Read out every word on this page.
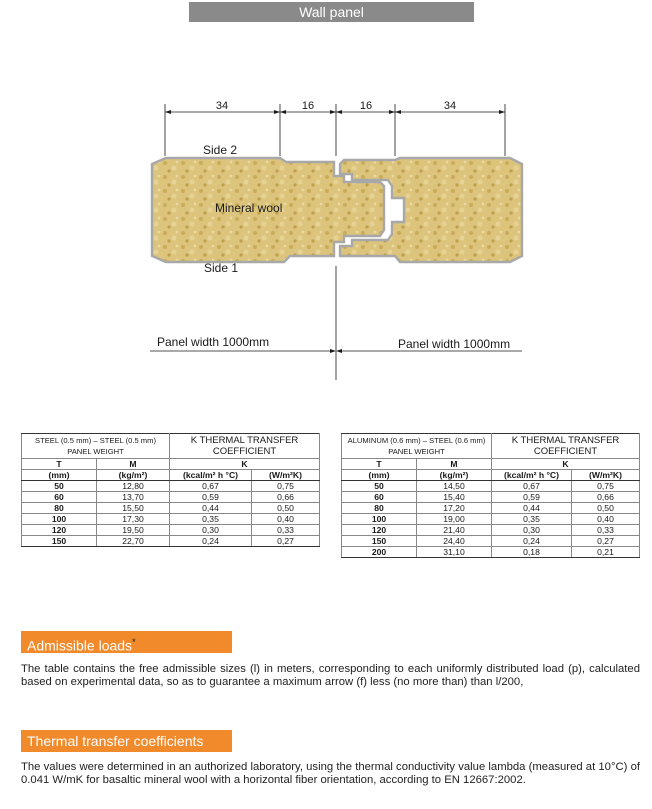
Wall panel
34	16	16	34
Side 2
Mineral wool
Side 1
Panel width 1000mm	Panel width 1000mm
STEEL (0.5 mm) – STEEL (0.5 mm) PANEL WEIGHT		K THERMAL TRANSFER COEFFICIENT	
T	M	K	
(mm)	(kg/m²)	(kcal/m² h °C)	(W/m²K)
50	12,80	0,67	0,75
60	13,70	0,59	0,66
80	15,50	0,44	0,50
100	17,30	0,35	0,40
120	19,50	0,30	0,33
150	22,70	0,24	0,27
ALUMINUM (0.6 mm) – STEEL (0.6 mm) PANEL WEIGHT		K THERMAL TRANSFER COEFFICIENT	
T	M	K	
(mm)	(kg/m²)	(kcal/m² h °C)	(W/m²K)
50	14,50	0,67	0,75
60	15,40	0,59	0,66
80	17,20	0,44	0,50
100	19,00	0,35	0,40
120	21,40	0,30	0,33
150	24,40	0,24	0,27
200	31,10	0,18	0,21
Admissible loads*
The table contains the free admissible sizes (l) in meters, corresponding to each uniformly distributed load (p), calculated based on experimental data, so as to guarantee a maximum arrow (f) less (no more than) than l/200,
Thermal transfer coefficients
The values were determined in an authorized laboratory, using the thermal conductivity value lambda (measured at 10°C) of 0.041 W/mK for basaltic mineral wool with a horizontal fiber orientation, according to EN 12667:2002.
